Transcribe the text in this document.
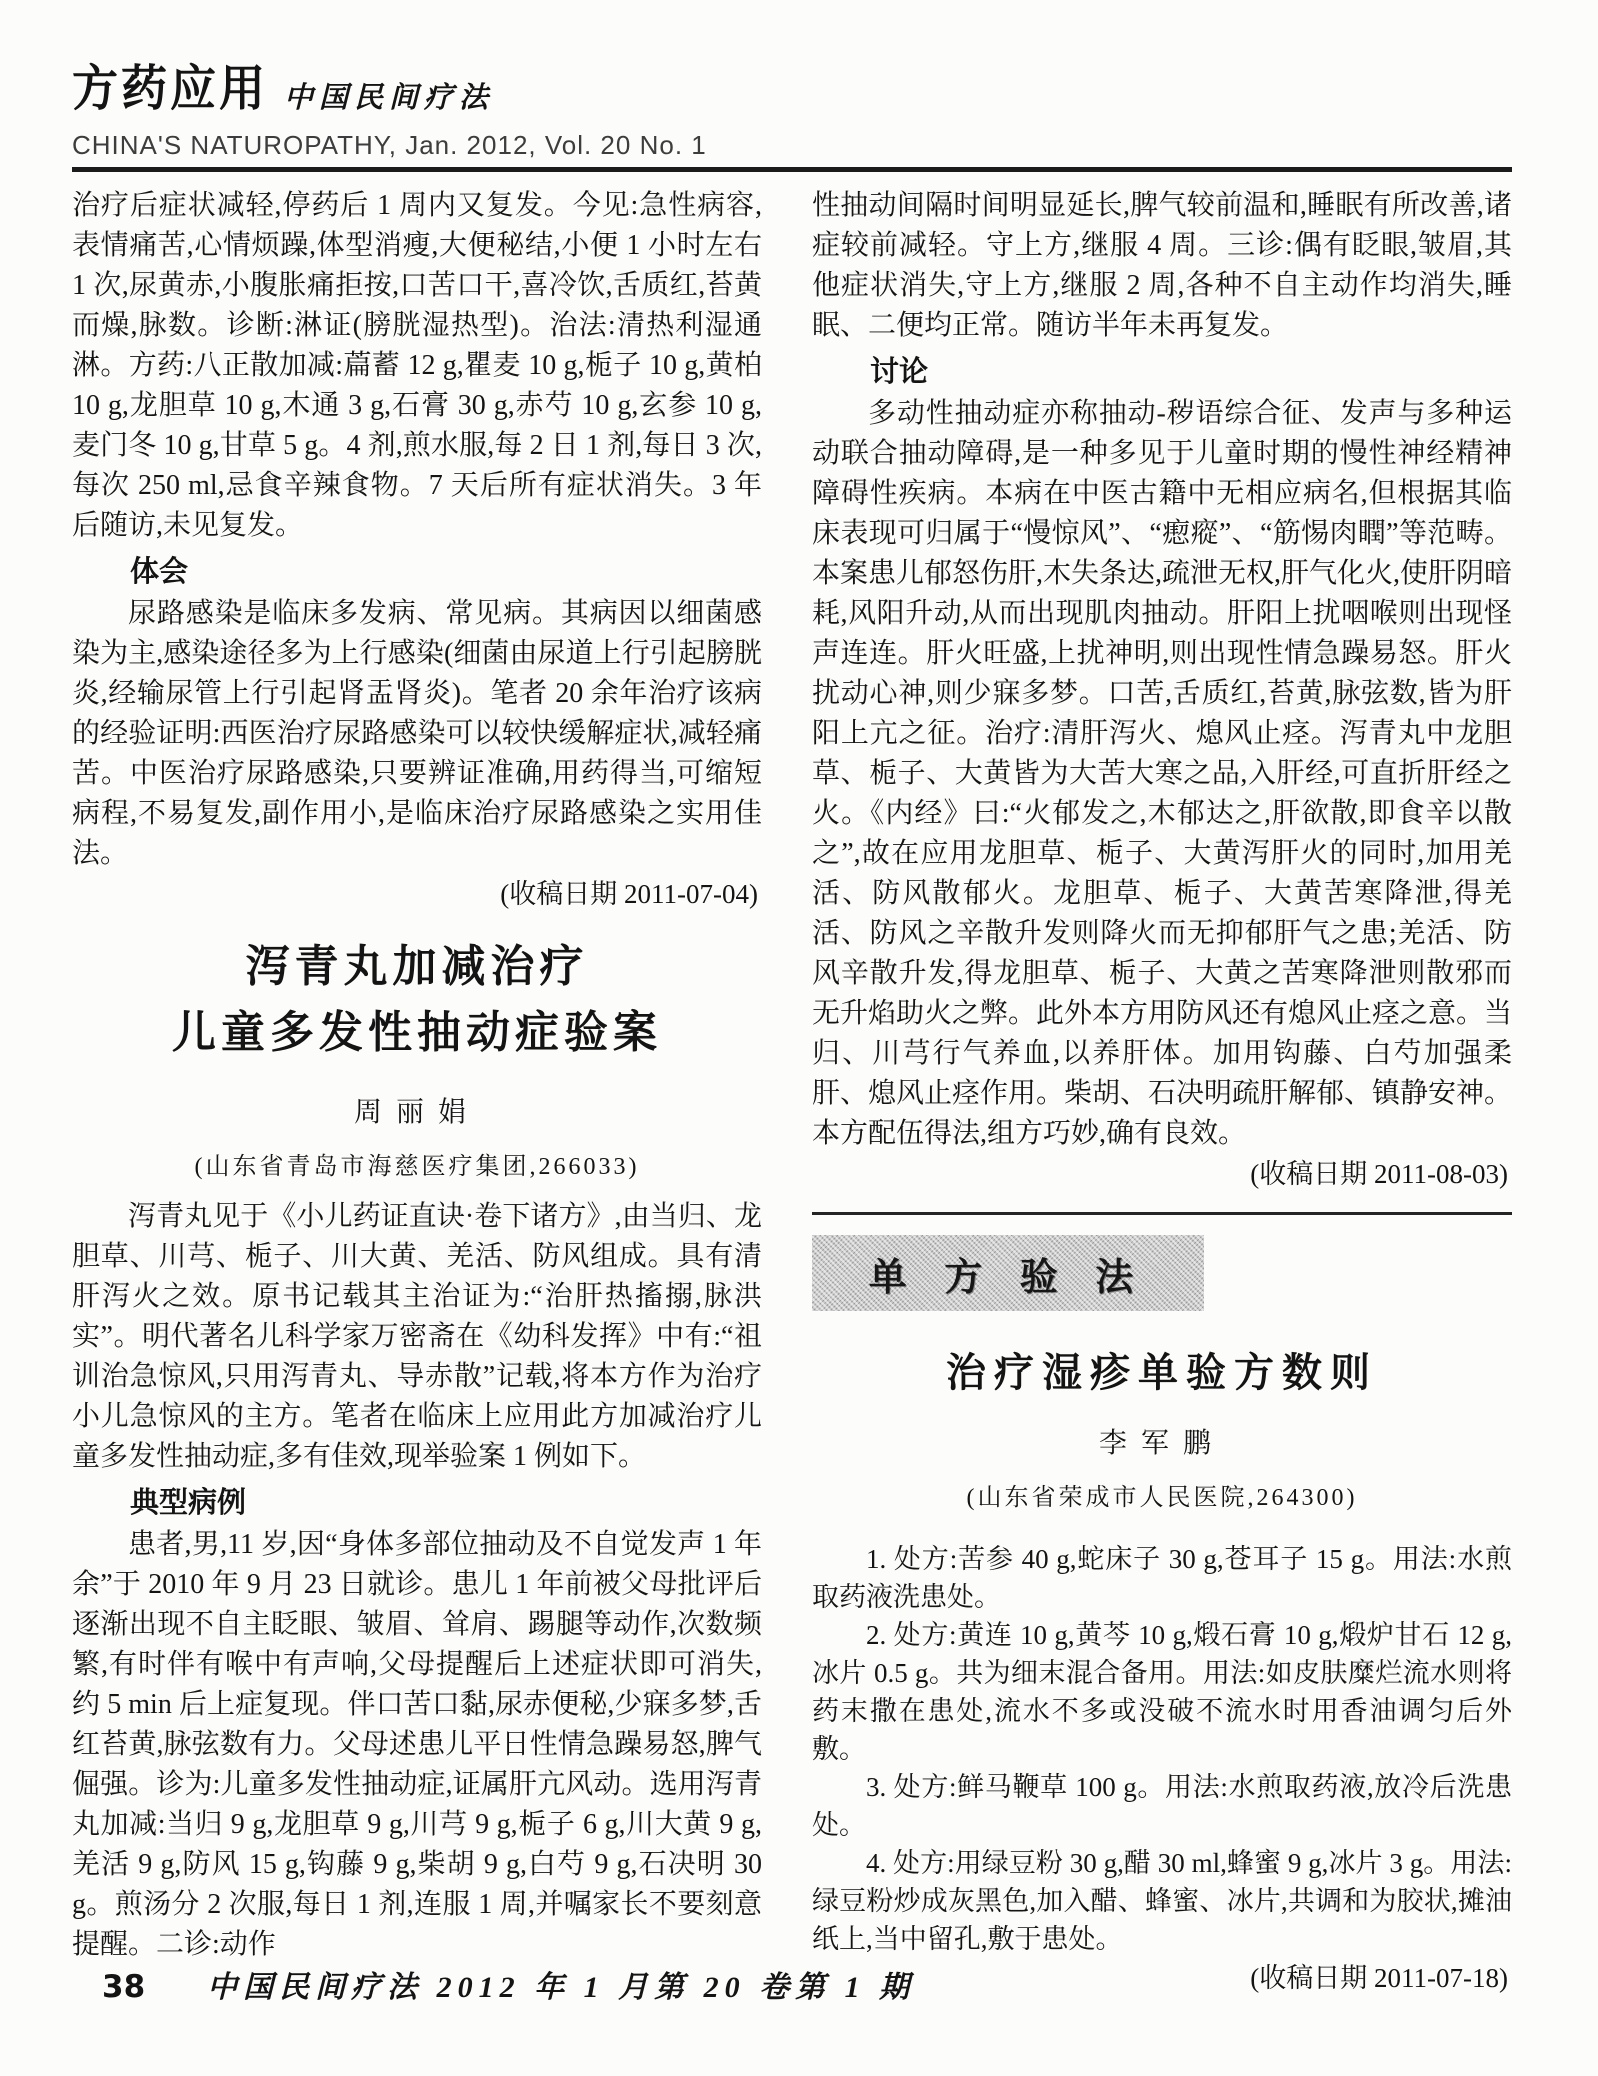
方药应用 中国民间疗法
CHINA'S NATUROPATHY, Jan. 2012, Vol. 20 No. 1

治疗后症状减轻,停药后 1 周内又复发。今见:急性病容,表情痛苦,心情烦躁,体型消瘦,大便秘结,小便 1 小时左右 1 次,尿黄赤,小腹胀痛拒按,口苦口干,喜冷饮,舌质红,苔黄而燥,脉数。诊断:淋证(膀胱湿热型)。治法:清热利湿通淋。方药:八正散加减:萹蓄 12 g,瞿麦 10 g,栀子 10 g,黄柏 10 g,龙胆草 10 g,木通 3 g,石膏 30 g,赤芍 10 g,玄参 10 g,麦门冬 10 g,甘草 5 g。4 剂,煎水服,每 2 日 1 剂,每日 3 次,每次 250 ml,忌食辛辣食物。7 天后所有症状消失。3 年后随访,未见复发。

体会

尿路感染是临床多发病、常见病。其病因以细菌感染为主,感染途径多为上行感染(细菌由尿道上行引起膀胱炎,经输尿管上行引起肾盂肾炎)。笔者 20 余年治疗该病的经验证明:西医治疗尿路感染可以较快缓解症状,减轻痛苦。中医治疗尿路感染,只要辨证准确,用药得当,可缩短病程,不易复发,副作用小,是临床治疗尿路感染之实用佳法。

(收稿日期 2011-07-04)

泻青丸加减治疗
儿童多发性抽动症验案
周丽娟
(山东省青岛市海慈医疗集团,266033)

泻青丸见于《小儿药证直诀·卷下诸方》,由当归、龙胆草、川芎、栀子、川大黄、羌活、防风组成。具有清肝泻火之效。原书记载其主治证为:“治肝热搐搦,脉洪实”。明代著名儿科学家万密斋在《幼科发挥》中有:“祖训治急惊风,只用泻青丸、导赤散”记载,将本方作为治疗小儿急惊风的主方。笔者在临床上应用此方加减治疗儿童多发性抽动症,多有佳效,现举验案 1 例如下。

典型病例

患者,男,11 岁,因“身体多部位抽动及不自觉发声 1 年余”于 2010 年 9 月 23 日就诊。患儿 1 年前被父母批评后逐渐出现不自主眨眼、皱眉、耸肩、踢腿等动作,次数频繁,有时伴有喉中有声响,父母提醒后上述症状即可消失,约 5 min 后上症复现。伴口苦口黏,尿赤便秘,少寐多梦,舌红苔黄,脉弦数有力。父母述患儿平日性情急躁易怒,脾气倔强。诊为:儿童多发性抽动症,证属肝亢风动。选用泻青丸加减:当归 9 g,龙胆草 9 g,川芎 9 g,栀子 6 g,川大黄 9 g,羌活 9 g,防风 15 g,钩藤 9 g,柴胡 9 g,白芍 9 g,石决明 30 g。煎汤分 2 次服,每日 1 剂,连服 1 周,并嘱家长不要刻意提醒。二诊:动作

性抽动间隔时间明显延长,脾气较前温和,睡眠有所改善,诸症较前减轻。守上方,继服 4 周。三诊:偶有眨眼,皱眉,其他症状消失,守上方,继服 2 周,各种不自主动作均消失,睡眠、二便均正常。随访半年未再复发。

讨论

多动性抽动症亦称抽动-秽语综合征、发声与多种运动联合抽动障碍,是一种多见于儿童时期的慢性神经精神障碍性疾病。本病在中医古籍中无相应病名,但根据其临床表现可归属于“慢惊风”、“瘛瘲”、“筋惕肉瞤”等范畴。本案患儿郁怒伤肝,木失条达,疏泄无权,肝气化火,使肝阴暗耗,风阳升动,从而出现肌肉抽动。肝阳上扰咽喉则出现怪声连连。肝火旺盛,上扰神明,则出现性情急躁易怒。肝火扰动心神,则少寐多梦。口苦,舌质红,苔黄,脉弦数,皆为肝阳上亢之征。治疗:清肝泻火、熄风止痉。泻青丸中龙胆草、栀子、大黄皆为大苦大寒之品,入肝经,可直折肝经之火。《内经》曰:“火郁发之,木郁达之,肝欲散,即食辛以散之”,故在应用龙胆草、栀子、大黄泻肝火的同时,加用羌活、防风散郁火。龙胆草、栀子、大黄苦寒降泄,得羌活、防风之辛散升发则降火而无抑郁肝气之患;羌活、防风辛散升发,得龙胆草、栀子、大黄之苦寒降泄则散邪而无升焰助火之弊。此外本方用防风还有熄风止痉之意。当归、川芎行气养血,以养肝体。加用钩藤、白芍加强柔肝、熄风止痉作用。柴胡、石决明疏肝解郁、镇静安神。本方配伍得法,组方巧妙,确有良效。

(收稿日期 2011-08-03)

单 方 验 法
治疗湿疹单验方数则
李军鹏
(山东省荣成市人民医院,264300)

1. 处方:苦参 40 g,蛇床子 30 g,苍耳子 15 g。用法:水煎取药液洗患处。

2. 处方:黄连 10 g,黄芩 10 g,煅石膏 10 g,煅炉甘石 12 g,冰片 0.5 g。共为细末混合备用。用法:如皮肤糜烂流水则将药末撒在患处,流水不多或没破不流水时用香油调匀后外敷。

3. 处方:鲜马鞭草 100 g。用法:水煎取药液,放冷后洗患处。

4. 处方:用绿豆粉 30 g,醋 30 ml,蜂蜜 9 g,冰片 3 g。用法:绿豆粉炒成灰黑色,加入醋、蜂蜜、冰片,共调和为胶状,摊油纸上,当中留孔,敷于患处。

(收稿日期 2011-07-18)

38 中国民间疗法 2012 年 1 月第 20 卷第 1 期
